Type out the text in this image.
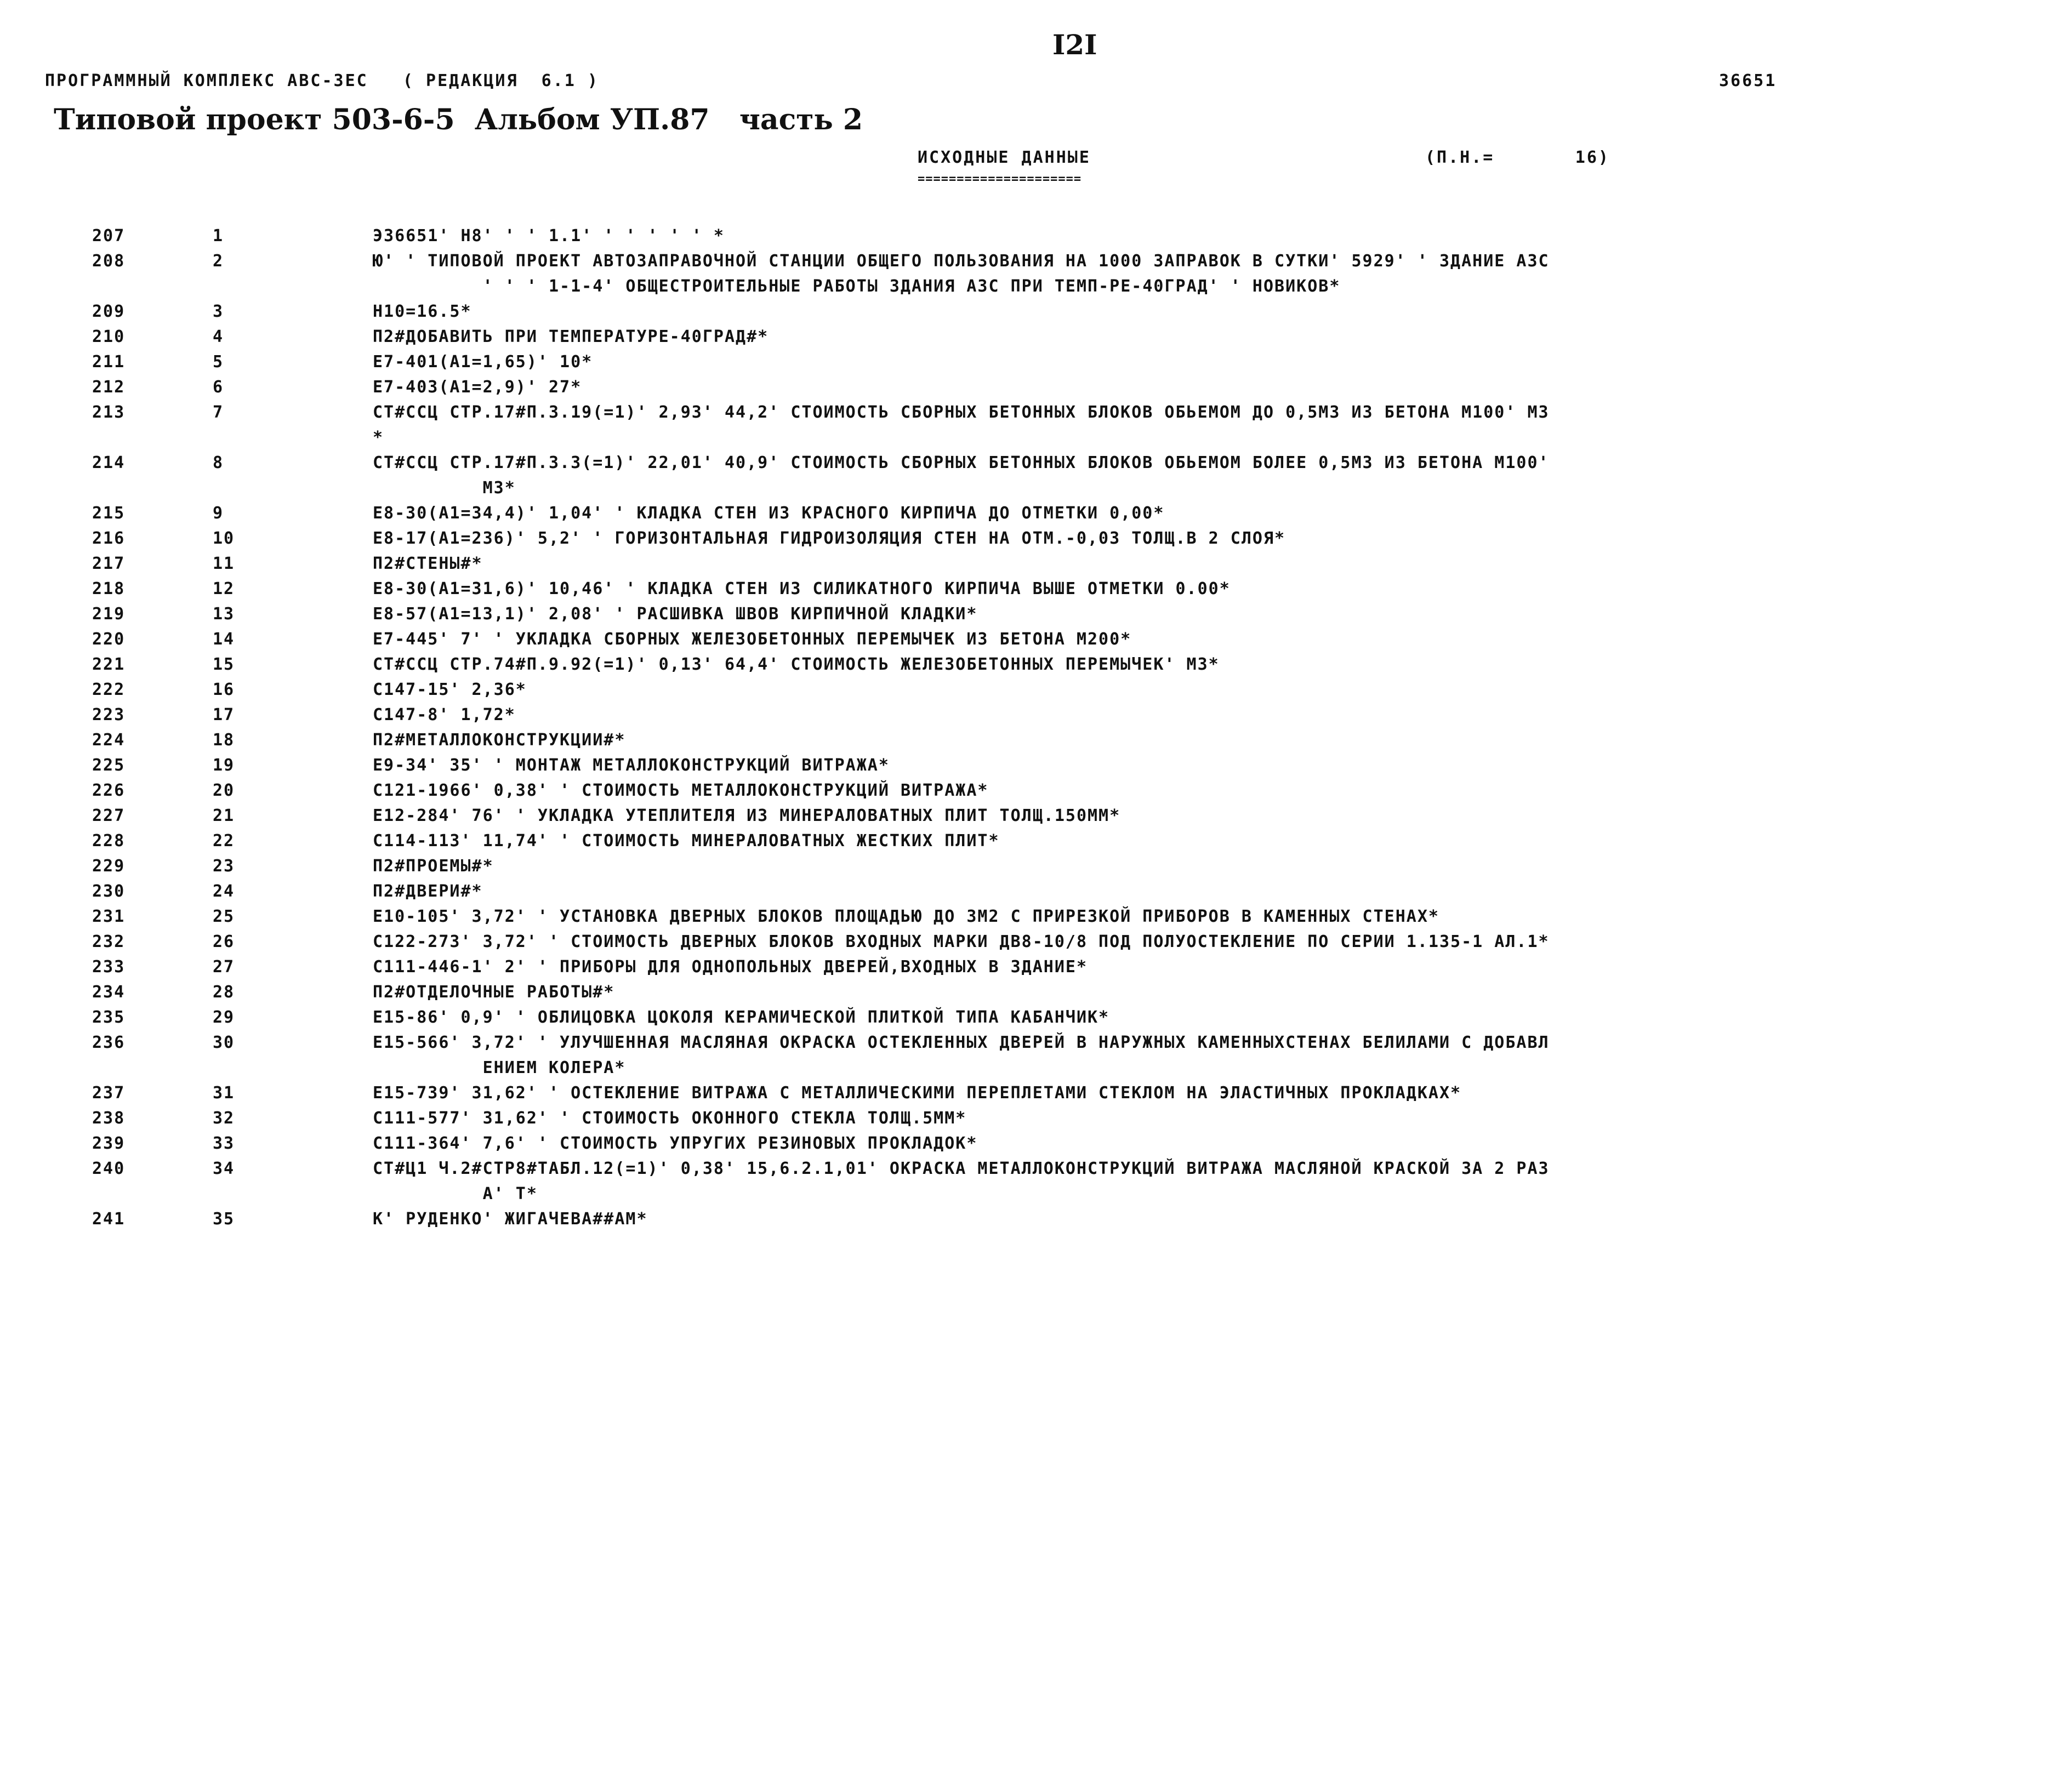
I2I
ПРОГРАММНЫЙ КОМПЛЕКС АВС-ЗЕС   ( РЕДАКЦИЯ  6.1 )	36651
Типовой проект 503-6-5  Альбом УП.87   часть 2
ИСХОДНЫЕ ДАННЫЕ
=====================
(П.Н.=       16)
207	1	Э36651' Н8' ' ' 1.1' ' ' ' ' ' *
208	2	Ю' ' ТИПОВОЙ ПРОЕКТ АВТОЗАПРАВОЧНОЙ СТАНЦИИ ОБЩЕГО ПОЛЬЗОВАНИЯ НА 1000 ЗАПРАВОК В СУТКИ' 5929' ' ЗДАНИЕ АЗС
' ' ' 1-1-4' ОБЩЕСТРОИТЕЛЬНЫЕ РАБОТЫ ЗДАНИЯ АЗС ПРИ ТЕМП-РЕ-40ГРАД' ' НОВИКОВ*
209	3	Н10=16.5*
210	4	П2#ДОБАВИТЬ ПРИ ТЕМПЕРАТУРЕ-40ГРАД#*
211	5	Е7-401(А1=1,65)' 10*
212	6	Е7-403(А1=2,9)' 27*
213	7	СТ#ССЦ СТР.17#П.3.19(=1)' 2,93' 44,2' СТОИМОСТЬ СБОРНЫХ БЕТОННЫХ БЛОКОВ ОБЬЕМОМ ДО 0,5М3 ИЗ БЕТОНА М100' М3
*
214	8	СТ#ССЦ СТР.17#П.3.3(=1)' 22,01' 40,9' СТОИМОСТЬ СБОРНЫХ БЕТОННЫХ БЛОКОВ ОБЬЕМОМ БОЛЕЕ 0,5М3 ИЗ БЕТОНА М100'
М3*
215	9	Е8-30(А1=34,4)' 1,04' ' КЛАДКА СТЕН ИЗ КРАСНОГО КИРПИЧА ДО ОТМЕТКИ 0,00*
216	10	Е8-17(А1=236)' 5,2' ' ГОРИЗОНТАЛЬНАЯ ГИДРОИЗОЛЯЦИЯ СТЕН НА ОТМ.-0,03 ТОЛЩ.В 2 СЛОЯ*
217	11	П2#СТЕНЫ#*
218	12	Е8-30(А1=31,6)' 10,46' ' КЛАДКА СТЕН ИЗ СИЛИКАТНОГО КИРПИЧА ВЫШЕ ОТМЕТКИ 0.00*
219	13	Е8-57(А1=13,1)' 2,08' ' РАСШИВКА ШВОВ КИРПИЧНОЙ КЛАДКИ*
220	14	Е7-445' 7' ' УКЛАДКА СБОРНЫХ ЖЕЛЕЗОБЕТОННЫХ ПЕРЕМЫЧЕК ИЗ БЕТОНА М200*
221	15	СТ#ССЦ СТР.74#П.9.92(=1)' 0,13' 64,4' СТОИМОСТЬ ЖЕЛЕЗОБЕТОННЫХ ПЕРЕМЫЧЕК' М3*
222	16	С147-15' 2,36*
223	17	С147-8' 1,72*
224	18	П2#МЕТАЛЛОКОНСТРУКЦИИ#*
225	19	Е9-34' 35' ' МОНТАЖ МЕТАЛЛОКОНСТРУКЦИЙ ВИТРАЖА*
226	20	С121-1966' 0,38' ' СТОИМОСТЬ МЕТАЛЛОКОНСТРУКЦИЙ ВИТРАЖА*
227	21	Е12-284' 76' ' УКЛАДКА УТЕПЛИТЕЛЯ ИЗ МИНЕРАЛОВАТНЫХ ПЛИТ ТОЛЩ.150ММ*
228	22	С114-113' 11,74' ' СТОИМОСТЬ МИНЕРАЛОВАТНЫХ ЖЕСТКИХ ПЛИТ*
229	23	П2#ПРОЕМЫ#*
230	24	П2#ДВЕРИ#*
231	25	Е10-105' 3,72' ' УСТАНОВКА ДВЕРНЫХ БЛОКОВ ПЛОЩАДЬЮ ДО 3М2 С ПРИРЕЗКОЙ ПРИБОРОВ В КАМЕННЫХ СТЕНАХ*
232	26	С122-273' 3,72' ' СТОИМОСТЬ ДВЕРНЫХ БЛОКОВ ВХОДНЫХ МАРКИ ДВ8-10/8 ПОД ПОЛУОСТЕКЛЕНИЕ ПО СЕРИИ 1.135-1 АЛ.1*
233	27	С111-446-1' 2' ' ПРИБОРЫ ДЛЯ ОДНОПОЛЬНЫХ ДВЕРЕЙ,ВХОДНЫХ В ЗДАНИЕ*
234	28	П2#ОТДЕЛОЧНЫЕ РАБОТЫ#*
235	29	Е15-86' 0,9' ' ОБЛИЦОВКА ЦОКОЛЯ КЕРАМИЧЕСКОЙ ПЛИТКОЙ ТИПА КАБАНЧИК*
236	30	Е15-566' 3,72' ' УЛУЧШЕННАЯ МАСЛЯНАЯ ОКРАСКА ОСТЕКЛЕННЫХ ДВЕРЕЙ В НАРУЖНЫХ КАМЕННЫХСТЕНАХ БЕЛИЛАМИ С ДОБАВЛ
ЕНИЕМ КОЛЕРА*
237	31	Е15-739' 31,62' ' ОСТЕКЛЕНИЕ ВИТРАЖА С МЕТАЛЛИЧЕСКИМИ ПЕРЕПЛЕТАМИ СТЕКЛОМ НА ЭЛАСТИЧНЫХ ПРОКЛАДКАХ*
238	32	С111-577' 31,62' ' СТОИМОСТЬ ОКОННОГО СТЕКЛА ТОЛЩ.5ММ*
239	33	С111-364' 7,6' ' СТОИМОСТЬ УПРУГИХ РЕЗИНОВЫХ ПРОКЛАДОК*
240	34	СТ#Ц1 Ч.2#СТР8#ТАБЛ.12(=1)' 0,38' 15,6.2.1,01' ОКРАСКА МЕТАЛЛОКОНСТРУКЦИЙ ВИТРАЖА МАСЛЯНОЙ КРАСКОЙ ЗА 2 РАЗ
А' Т*
241	35	К' РУДЕНКО' ЖИГАЧЕВА##АМ*
